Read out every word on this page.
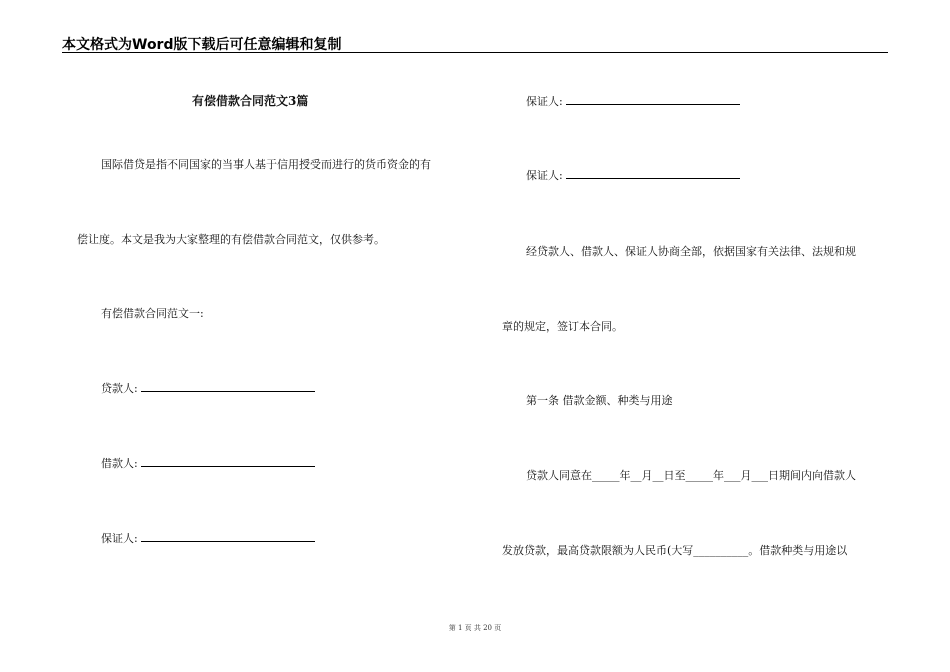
本文格式为Word版下载后可任意编辑和复制
有偿借款合同范文3篇
国际借贷是指不同国家的当事人基于信用授受而进行的货币资金的有
偿让度。本文是我为大家整理的有偿借款合同范文，仅供参考。
有偿借款合同范文一:
贷款人:
借款人:
保证人:
保证人:
保证人:
经贷款人、借款人、保证人协商全部，依据国家有关法律、法规和规
章的规定，签订本合同。
第一条 借款金额、种类与用途
贷款人同意在_____年__月__日至_____年___月___日期间内向借款人
发放贷款，最高贷款限额为人民币(大写__________。借款种类与用途以
第 1 页 共 20 页
